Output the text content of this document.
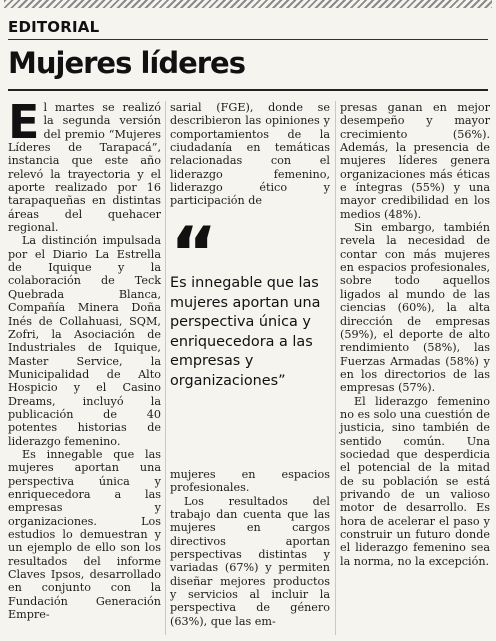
EDITORIAL
Mujeres líderes

El martes se realizó la segunda versión del premio “Mujeres Líderes de Tarapacá”, instancia que este año relevó la trayectoria y el aporte realizado por 16 tarapaqueñas en distintas áreas del quehacer regional.

La distinción impulsada por el Diario La Estrella de Iquique y la colaboración de Teck Quebrada Blanca, Compañía Minera Doña Inés de Collahuasi, SQM, Zofri, la Asociación de Industriales de Iquique, Master Service, la Municipalidad de Alto Hospicio y el Casino Dreams, incluyó la publicación de 40 potentes historias de liderazgo femenino.

Es innegable que las mujeres aportan una perspectiva única y enriquecedora a las empresas y organizaciones. Los estudios lo demuestran y un ejemplo de ello son los resultados del informe Claves Ipsos, desarrollado en conjunto con la Fundación Generación Empre-

sarial (FGE), donde se describieron las opiniones y comportamientos de la ciudadanía en temáticas relacionadas con el liderazgo femenino, liderazgo ético y participación de

“
Es innegable que las mujeres aportan una perspectiva única y enriquecedora a las empresas y organizaciones”

mujeres en espacios profesionales.

Los resultados del trabajo dan cuenta que las mujeres en cargos directivos aportan perspectivas distintas y variadas (67%) y permiten diseñar mejores productos y servicios al incluir la perspectiva de género (63%), que las em-

presas ganan en mejor desempeño y mayor crecimiento (56%). Además, la presencia de mujeres líderes genera organizaciones más éticas e íntegras (55%) y una mayor credibilidad en los medios (48%).

Sin embargo, también revela la necesidad de contar con más mujeres en espacios profesionales, sobre todo aquellos ligados al mundo de las ciencias (60%), la alta dirección de empresas (59%), el deporte de alto rendimiento (58%), las Fuerzas Armadas (58%) y en los directorios de las empresas (57%).

El liderazgo femenino no es solo una cuestión de justicia, sino también de sentido común. Una sociedad que desperdicia el potencial de la mitad de su población se está privando de un valioso motor de desarrollo. Es hora de acelerar el paso y construir un futuro donde el liderazgo femenino sea la norma, no la excepción.
